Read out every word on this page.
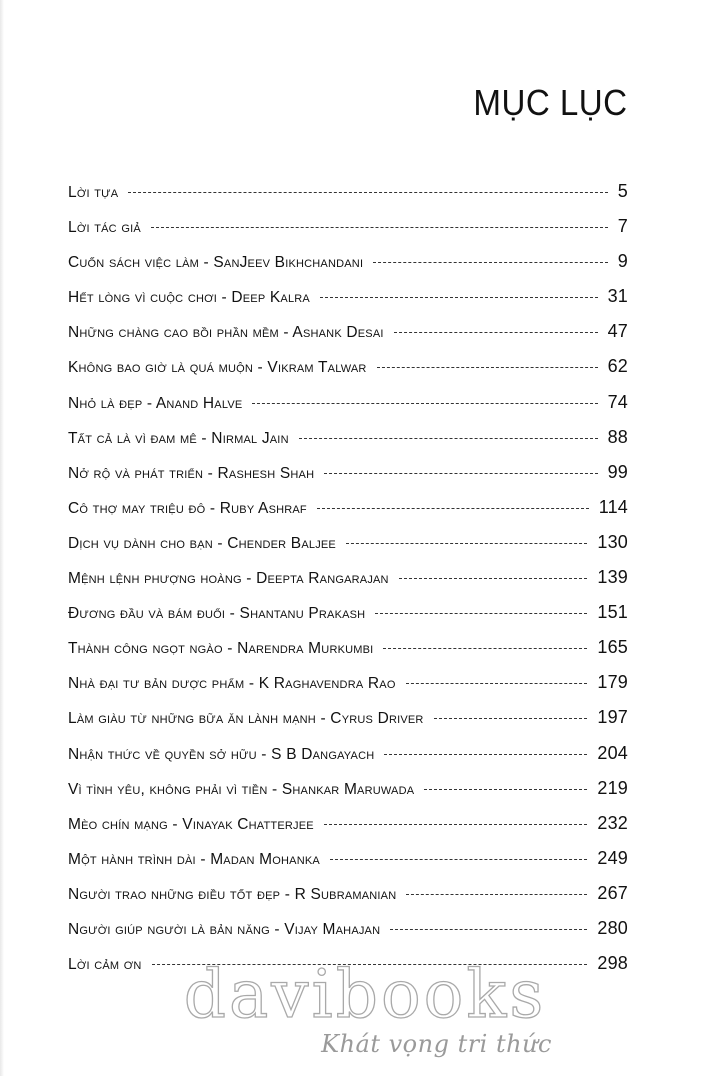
MỤC LỤC
Lời tựa	5
Lời tác giả	7
Cuốn sách việc làm - SanJeev Bikhchandani	9
Hết lòng vì cuộc chơi - Deep Kalra	31
Những chàng cao bồi phần mềm - Ashank Desai	47
Không bao giờ là quá muộn - Vikram Talwar	62
Nhỏ là đẹp - Anand Halve	74
Tất cả là vì đam mê - Nirmal Jain	88
Nở rộ và phát triển - Rashesh Shah	99
Cô thợ may triệu đô - Ruby Ashraf	114
Dịch vụ dành cho bạn - Chender Baljee	130
Mệnh lệnh phượng hoàng - Deepta Rangarajan	139
Đương đầu và bám đuổi - Shantanu Prakash	151
Thành công ngọt ngào - Narendra Murkumbi	165
Nhà đại tư bản dược phẩm - K Raghavendra Rao	179
Làm giàu từ những bữa ăn lành mạnh - Cyrus Driver	197
Nhận thức về quyền sở hữu - S B Dangayach	204
Vì tình yêu, không phải vì tiền - Shankar Maruwada	219
Mèo chín mạng - Vinayak Chatterjee	232
Một hành trình dài - Madan Mohanka	249
Người trao những điều tốt đẹp - R Subramanian	267
Người giúp người là bản năng - Vijay Mahajan	280
Lời cảm ơn	298
davibooks
Khát vọng tri thức
